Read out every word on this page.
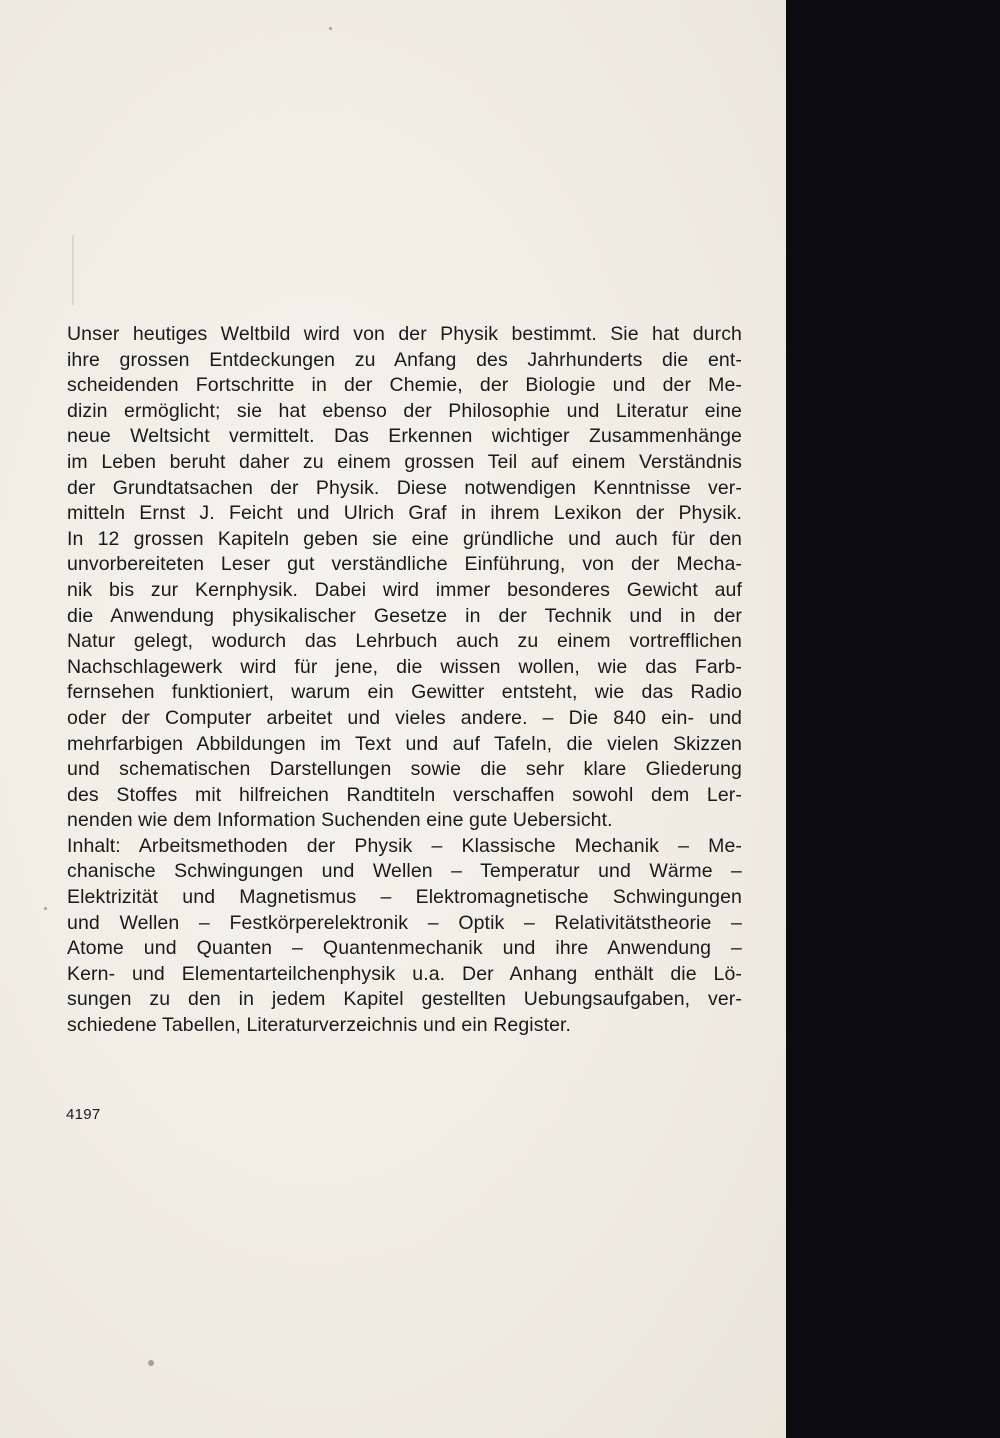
Unser heutiges Weltbild wird von der Physik bestimmt. Sie hat durch
ihre grossen Entdeckungen zu Anfang des Jahrhunderts die ent-
scheidenden Fortschritte in der Chemie, der Biologie und der Me-
dizin ermöglicht; sie hat ebenso der Philosophie und Literatur eine
neue Weltsicht vermittelt. Das Erkennen wichtiger Zusammenhänge
im Leben beruht daher zu einem grossen Teil auf einem Verständnis
der Grundtatsachen der Physik. Diese notwendigen Kenntnisse ver-
mitteln Ernst J. Feicht und Ulrich Graf in ihrem Lexikon der Physik.
In 12 grossen Kapiteln geben sie eine gründliche und auch für den
unvorbereiteten Leser gut verständliche Einführung, von der Mecha-
nik bis zur Kernphysik. Dabei wird immer besonderes Gewicht auf
die Anwendung physikalischer Gesetze in der Technik und in der
Natur gelegt, wodurch das Lehrbuch auch zu einem vortrefflichen
Nachschlagewerk wird für jene, die wissen wollen, wie das Farb-
fernsehen funktioniert, warum ein Gewitter entsteht, wie das Radio
oder der Computer arbeitet und vieles andere. – Die 840 ein- und
mehrfarbigen Abbildungen im Text und auf Tafeln, die vielen Skizzen
und schematischen Darstellungen sowie die sehr klare Gliederung
des Stoffes mit hilfreichen Randtiteln verschaffen sowohl dem Ler-
nenden wie dem Information Suchenden eine gute Uebersicht.
Inhalt: Arbeitsmethoden der Physik – Klassische Mechanik – Me-
chanische Schwingungen und Wellen – Temperatur und Wärme –
Elektrizität und Magnetismus – Elektromagnetische Schwingungen
und Wellen – Festkörperelektronik – Optik – Relativitätstheorie –
Atome und Quanten – Quantenmechanik und ihre Anwendung –
Kern- und Elementarteilchenphysik u.a. Der Anhang enthält die Lö-
sungen zu den in jedem Kapitel gestellten Uebungsaufgaben, ver-
schiedene Tabellen, Literaturverzeichnis und ein Register.
4197
